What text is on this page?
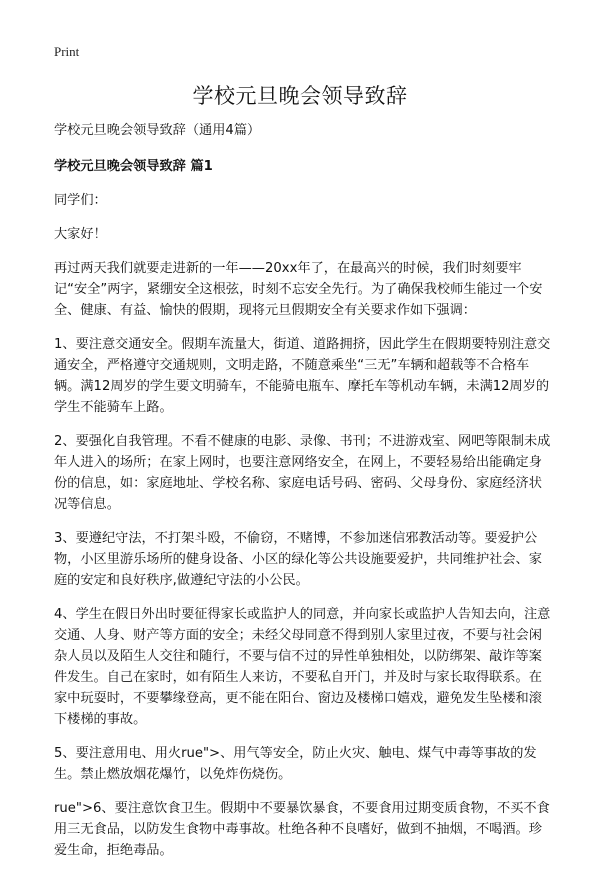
Print
学校元旦晚会领导致辞

学校元旦晚会领导致辞（通用4篇）

学校元旦晚会领导致辞 篇1

同学们：

大家好！

再过两天我们就要走进新的一年——20xx年了，在最高兴的时候，我们时刻要牢记“安全”两字，紧绷安全这根弦，时刻不忘安全先行。为了确保我校师生能过一个安全、健康、有益、愉快的假期，现将元旦假期安全有关要求作如下强调：

1、要注意交通安全。假期车流量大，街道、道路拥挤，因此学生在假期要特别注意交通安全，严格遵守交通规则，文明走路，不随意乘坐“三无”车辆和超载等不合格车辆。满12周岁的学生要文明骑车，不能骑电瓶车、摩托车等机动车辆，未满12周岁的学生不能骑车上路。

2、要强化自我管理。不看不健康的电影、录像、书刊；不进游戏室、网吧等限制未成年人进入的场所；在家上网时，也要注意网络安全，在网上，不要轻易给出能确定身份的信息，如：家庭地址、学校名称、家庭电话号码、密码、父母身份、家庭经济状况等信息。

3、要遵纪守法，不打架斗殴，不偷窃，不赌博，不参加迷信邪教活动等。要爱护公物，小区里游乐场所的健身设备、小区的绿化等公共设施要爱护，共同维护社会、家庭的安定和良好秩序,做遵纪守法的小公民。

4、学生在假日外出时要征得家长或监护人的同意，并向家长或监护人告知去向，注意交通、人身、财产等方面的安全；未经父母同意不得到别人家里过夜，不要与社会闲杂人员以及陌生人交往和随行，不要与信不过的异性单独相处，以防绑架、敲诈等案件发生。自己在家时，如有陌生人来访，不要私自开门，并及时与家长取得联系。在家中玩耍时，不要攀缘登高，更不能在阳台、窗边及楼梯口嬉戏，避免发生坠楼和滚下楼梯的事故。

5、要注意用电、用火rue">、用气等安全，防止火灾、触电、煤气中毒等事故的发生。禁止燃放烟花爆竹，以免炸伤烧伤。

rue">6、要注意饮食卫生。假期中不要暴饮暴食，不要食用过期变质食物，不买不食用三无食品，以防发生食物中毒事故。杜绝各种不良嗜好，做到不抽烟，不喝酒。珍爱生命，拒绝毒品。
